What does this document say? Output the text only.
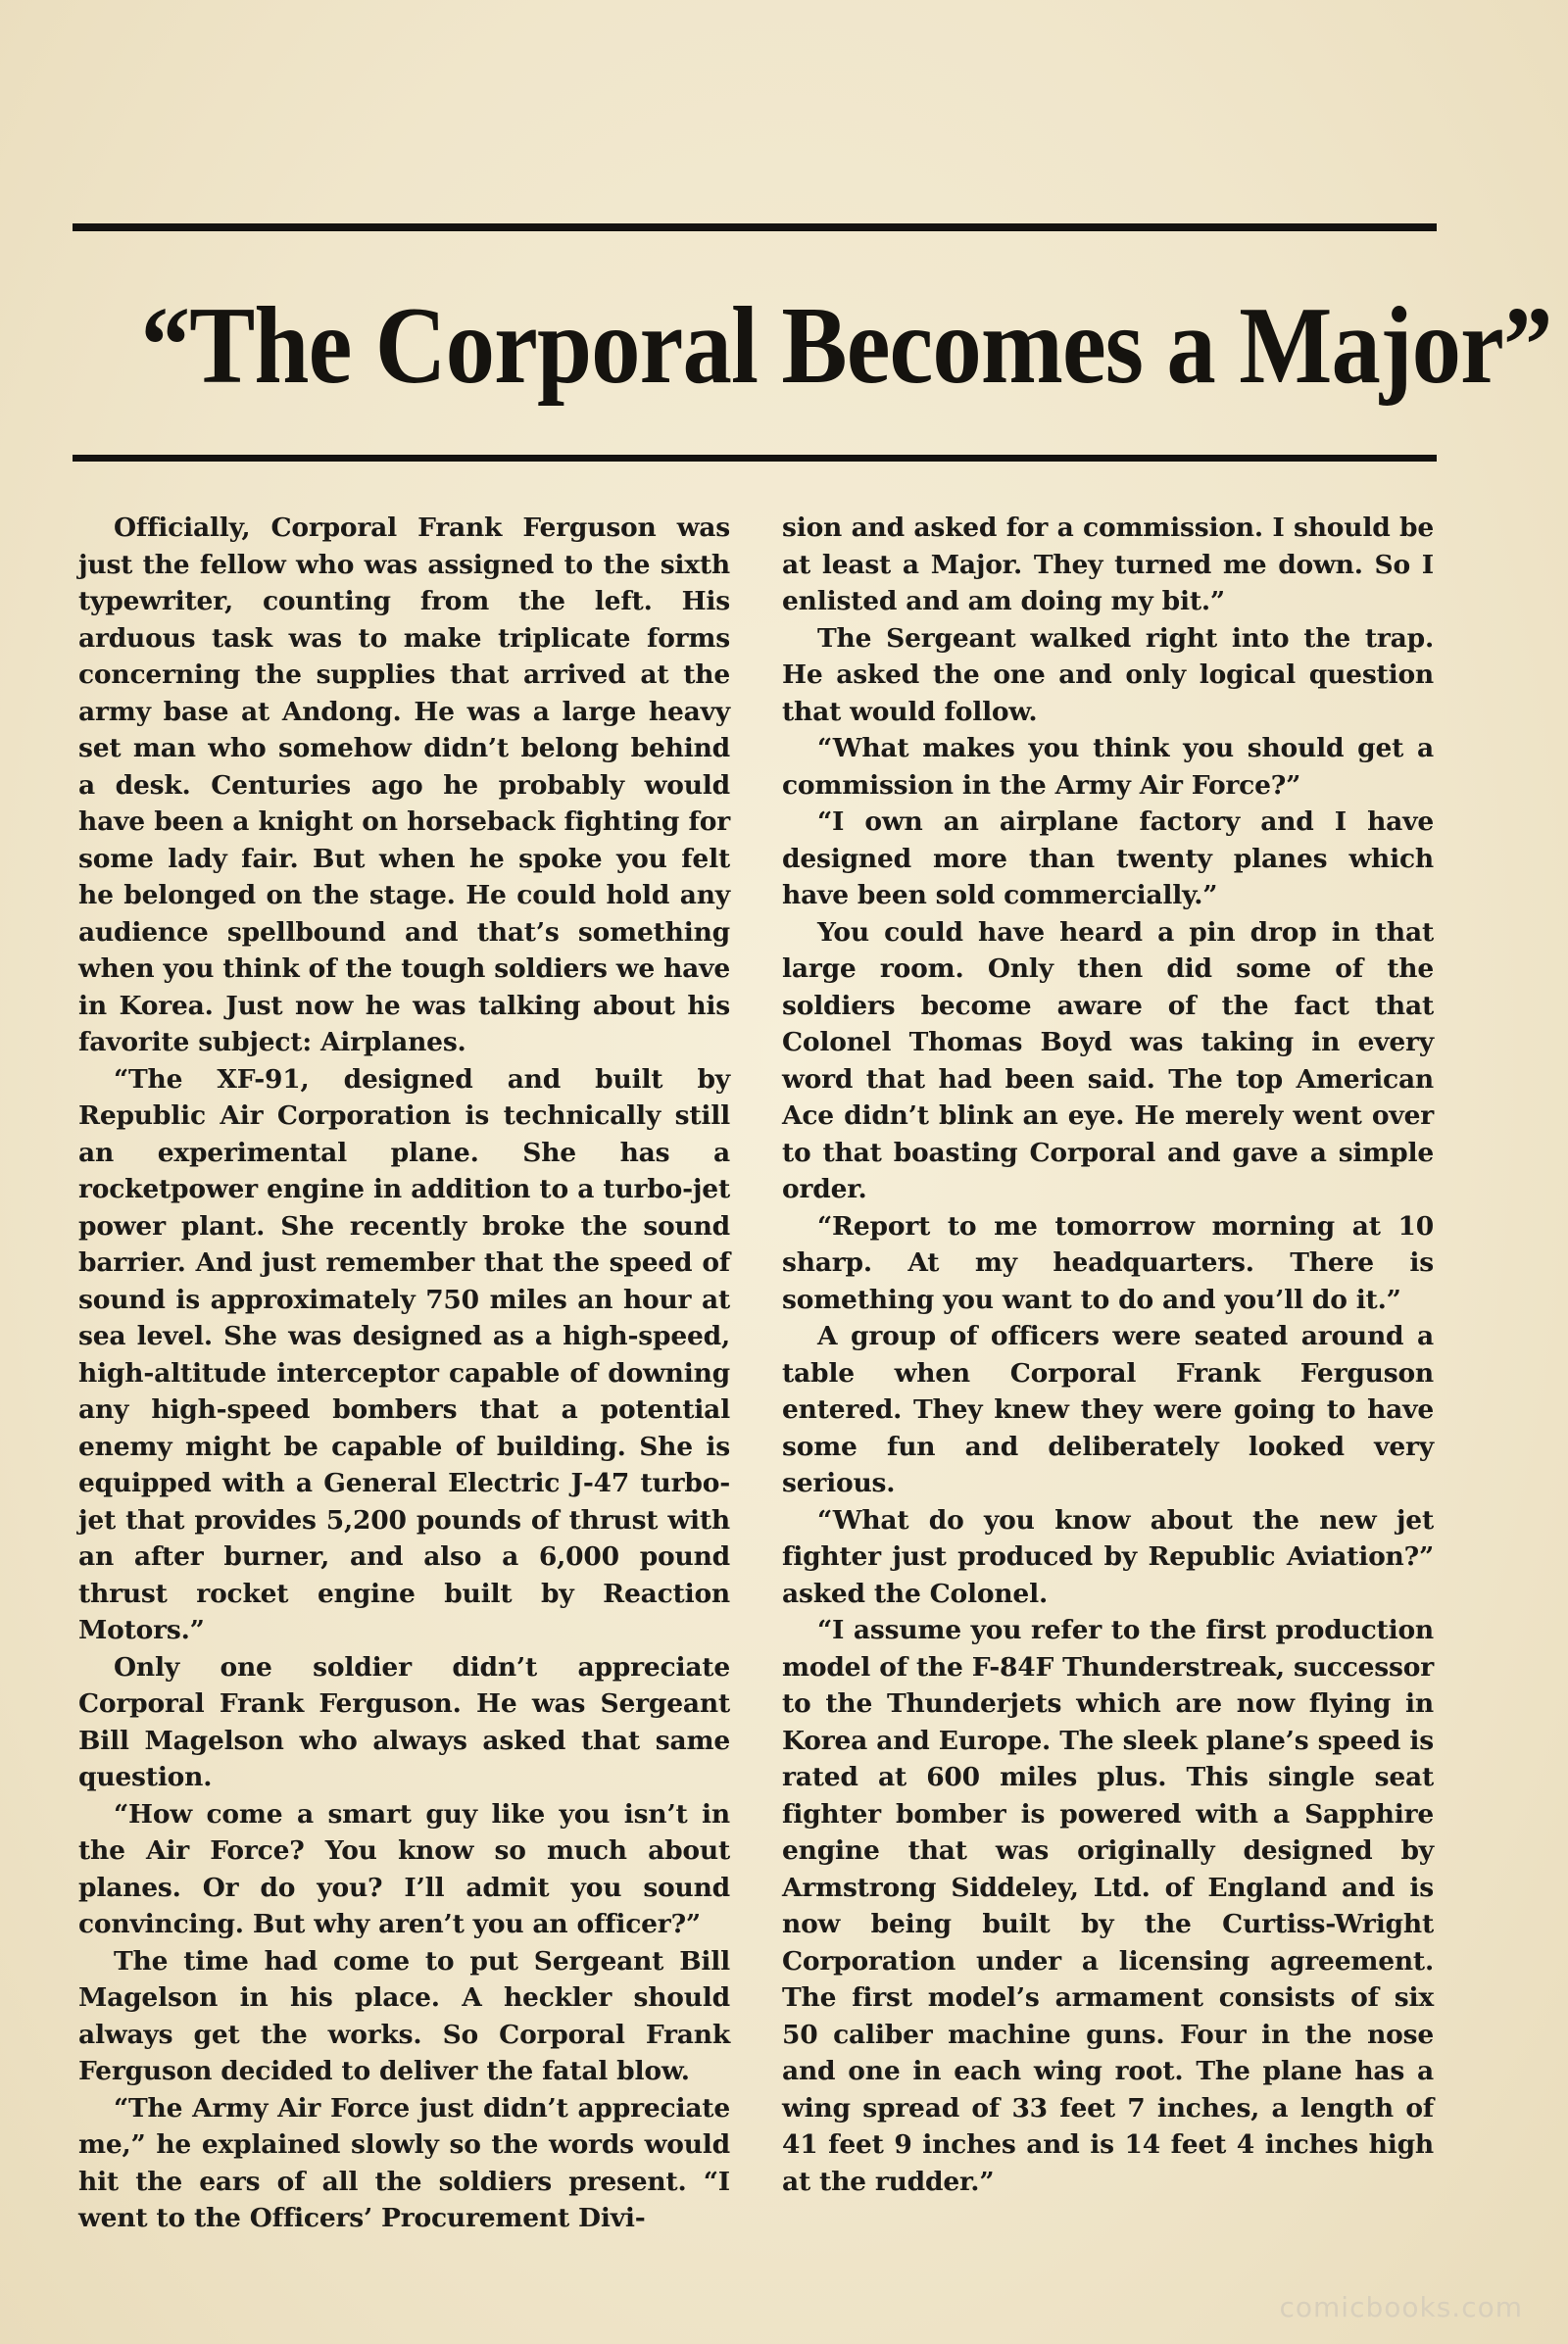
“The Corporal Becomes a Major”

Officially, Corporal Frank Ferguson was just the fellow who was assigned to the sixth typewriter, counting from the left. His arduous task was to make triplicate forms concerning the supplies that arrived at the army base at Andong. He was a large heavy set man who somehow didn’t belong behind a desk. Centuries ago he probably would have been a knight on horseback fighting for some lady fair. But when he spoke you felt he belonged on the stage. He could hold any audience spellbound and that’s something when you think of the tough soldiers we have in Korea. Just now he was talking about his favorite subject: Airplanes.

“The XF-91, designed and built by Republic Air Corporation is technically still an experimental plane. She has a rocketpower engine in addition to a turbo-jet power plant. She recently broke the sound barrier. And just remember that the speed of sound is approximately 750 miles an hour at sea level. She was designed as a high-speed, high-altitude interceptor capable of downing any high-speed bombers that a potential enemy might be capable of building. She is equipped with a General Electric J-47 turbo-jet that provides 5,200 pounds of thrust with an after burner, and also a 6,000 pound thrust rocket engine built by Reaction Motors.”

Only one soldier didn’t appreciate Corporal Frank Ferguson. He was Sergeant Bill Magelson who always asked that same question.

“How come a smart guy like you isn’t in the Air Force? You know so much about planes. Or do you? I’ll admit you sound convincing. But why aren’t you an officer?”

The time had come to put Sergeant Bill Magelson in his place. A heckler should always get the works. So Corporal Frank Ferguson decided to deliver the fatal blow.

“The Army Air Force just didn’t appreciate me,” he explained slowly so the words would hit the ears of all the soldiers present. “I went to the Officers’ Procurement Divi-

sion and asked for a commission. I should be at least a Major. They turned me down. So I enlisted and am doing my bit.”

The Sergeant walked right into the trap. He asked the one and only logical question that would follow.

“What makes you think you should get a commission in the Army Air Force?”

“I own an airplane factory and I have designed more than twenty planes which have been sold commercially.”

You could have heard a pin drop in that large room. Only then did some of the soldiers become aware of the fact that Colonel Thomas Boyd was taking in every word that had been said. The top American Ace didn’t blink an eye. He merely went over to that boasting Corporal and gave a simple order.

“Report to me tomorrow morning at 10 sharp. At my headquarters. There is something you want to do and you’ll do it.”

A group of officers were seated around a table when Corporal Frank Ferguson entered. They knew they were going to have some fun and deliberately looked very serious.

“What do you know about the new jet fighter just produced by Republic Aviation?” asked the Colonel.

“I assume you refer to the first production model of the F-84F Thunderstreak, successor to the Thunderjets which are now flying in Korea and Europe. The sleek plane’s speed is rated at 600 miles plus. This single seat fighter bomber is powered with a Sapphire engine that was originally designed by Armstrong Siddeley, Ltd. of England and is now being built by the Curtiss-Wright Corporation under a licensing agreement. The first model’s armament consists of six 50 caliber machine guns. Four in the nose and one in each wing root. The plane has a wing spread of 33 feet 7 inches, a length of 41 feet 9 inches and is 14 feet 4 inches high at the rudder.”

comicbooks.com
